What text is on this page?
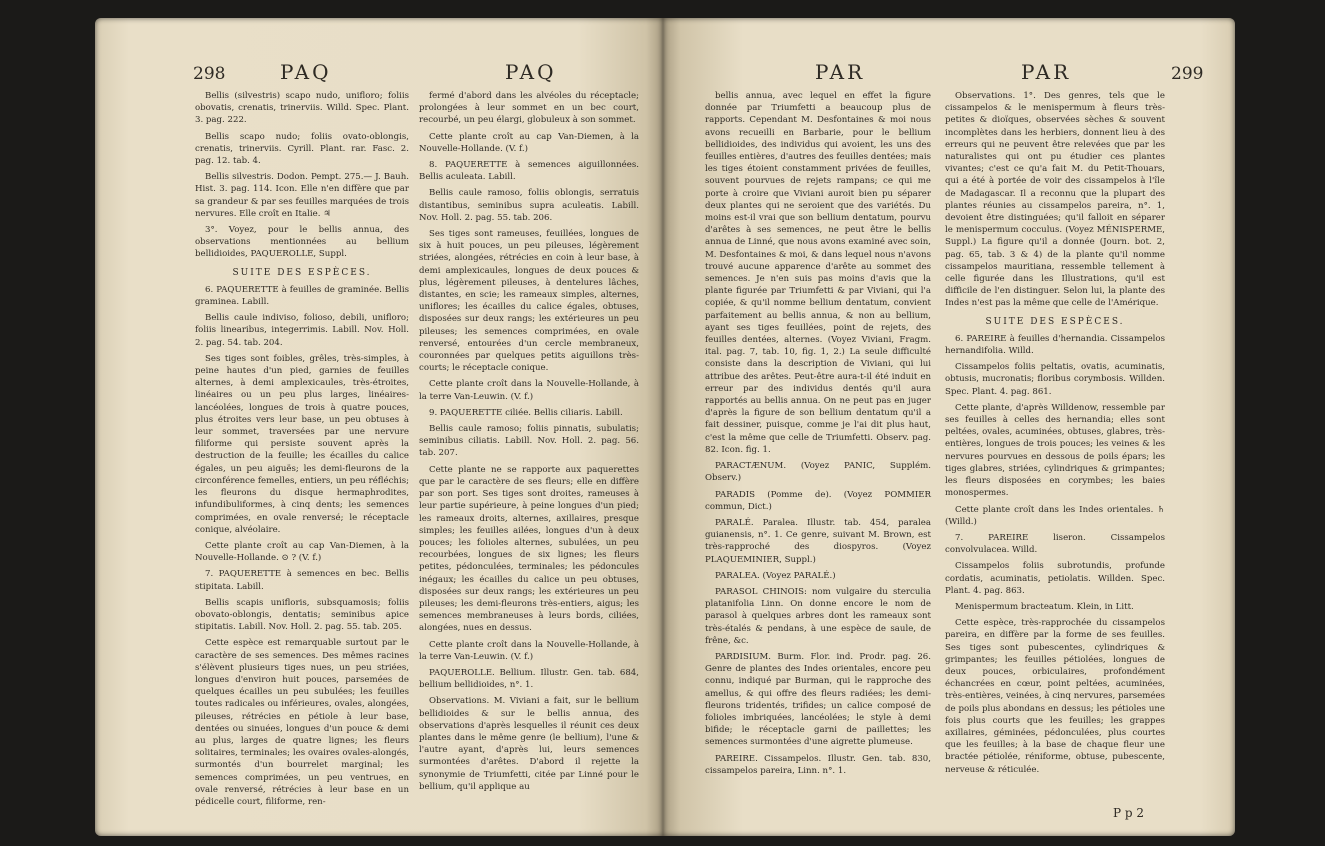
298	PAQ	PAQ

Bellis (silvestris) scapo nudo, unifloro; foliis obovatis, crenatis, trinerviis. Willd. Spec. Plant. 3. pag. 222.

Bellis scapo nudo; foliis ovato-oblongis, crenatis, trinerviis. Cyrill. Plant. rar. Fasc. 2. pag. 12. tab. 4.

Bellis silvestris. Dodon. Pempt. 275.— J. Bauh. Hist. 3. pag. 114. Icon. Elle n'en diffère que par sa grandeur & par ses feuilles marquées de trois nervures. Elle croît en Italie. ♃

3°. Voyez, pour le bellis annua, des observations mentionnées au bellium bellidioides, PAQUEROLLE, Suppl.

SUITE DES ESPÈCES.

6. PAQUERETTE à feuilles de graminée. Bellis graminea. Labill.

Bellis caule indiviso, folioso, debili, unifloro; foliis linearibus, integerrimis. Labill. Nov. Holl. 2. pag. 54. tab. 204.

Ses tiges sont foibles, grêles, très-simples, à peine hautes d'un pied, garnies de feuilles alternes, à demi amplexicaules, très-étroites, linéaires ou un peu plus larges, linéaires-lancéolées, longues de trois à quatre pouces, plus étroites vers leur base, un peu obtuses à leur sommet, traversées par une nervure filiforme qui persiste souvent après la destruction de la feuille; les écailles du calice égales, un peu aiguës; les demi-fleurons de la circonférence femelles, entiers, un peu réfléchis; les fleurons du disque hermaphrodites, infundibuliformes, à cinq dents; les semences comprimées, en ovale renversé; le réceptacle conique, alvéolaire.

Cette plante croît au cap Van-Diemen, à la Nouvelle-Hollande. ⊙ ? (V. f.)

7. PAQUERETTE à semences en bec. Bellis stipitata. Labill.

Bellis scapis unifloris, subsquamosis; foliis obovato-oblongis, dentatis; seminibus apice stipitatis. Labill. Nov. Holl. 2. pag. 55. tab. 205.

Cette espèce est remarquable surtout par le caractère de ses semences. Des mêmes racines s'élèvent plusieurs tiges nues, un peu striées, longues d'environ huit pouces, parsemées de quelques écailles un peu subulées; les feuilles toutes radicales ou inférieures, ovales, alongées, pileuses, rétrécies en pétiole à leur base, dentées ou sinuées, longues d'un pouce & demi au plus, larges de quatre lignes; les fleurs solitaires, terminales; les ovaires ovales-alongés, surmontés d'un bourrelet marginal; les semences comprimées, un peu ventrues, en ovale renversé, rétrécies à leur base en un pédicelle court, filiforme, ren-

fermé d'abord dans les alvéoles du réceptacle; prolongées à leur sommet en un bec court, recourbé, un peu élargi, globuleux à son sommet.

Cette plante croît au cap Van-Diemen, à la Nouvelle-Hollande. (V. f.)

8. PAQUERETTE à semences aiguillonnées. Bellis aculeata. Labill.

Bellis caule ramoso, foliis oblongis, serratuis distantibus, seminibus supra aculeatis. Labill. Nov. Holl. 2. pag. 55. tab. 206.

Ses tiges sont rameuses, feuillées, longues de six à huit pouces, un peu pileuses, légèrement striées, alongées, rétrécies en coin à leur base, à demi amplexicaules, longues de deux pouces & plus, légèrement pileuses, à dentelures lâches, distantes, en scie; les rameaux simples, alternes, uniflores; les écailles du calice égales, obtuses, disposées sur deux rangs; les extérieures un peu pileuses; les semences comprimées, en ovale renversé, entourées d'un cercle membraneux, couronnées par quelques petits aiguillons très-courts; le réceptacle conique.

Cette plante croît dans la Nouvelle-Hollande, à la terre Van-Leuwin. (V. f.)

9. PAQUERETTE ciliée. Bellis ciliaris. Labill.

Bellis caule ramoso; foliis pinnatis, subulatis; seminibus ciliatis. Labill. Nov. Holl. 2. pag. 56. tab. 207.

Cette plante ne se rapporte aux paquerettes que par le caractère de ses fleurs; elle en diffère par son port. Ses tiges sont droites, rameuses à leur partie supérieure, à peine longues d'un pied; les rameaux droits, alternes, axillaires, presque simples; les feuilles ailées, longues d'un à deux pouces; les folioles alternes, subulées, un peu recourbées, longues de six lignes; les fleurs petites, pédonculées, terminales; les pédoncules inégaux; les écailles du calice un peu obtuses, disposées sur deux rangs; les extérieures un peu pileuses; les demi-fleurons très-entiers, aigus; les semences membraneuses à leurs bords, ciliées, alongées, nues en dessus.

Cette plante croît dans la Nouvelle-Hollande, à la terre Van-Leuwin. (V. f.)

PAQUEROLLE. Bellium. Illustr. Gen. tab. 684, bellium bellidioides, n°. 1.

Observations. M. Viviani a fait, sur le bellium bellidioides & sur le bellis annua, des observations d'après lesquelles il réunit ces deux plantes dans le même genre (le bellium), l'une & l'autre ayant, d'après lui, leurs semences surmontées d'arêtes. D'abord il rejette la synonymie de Triumfetti, citée par Linné pour le bellium, qu'il applique au

PAR	PAR	299

bellis annua, avec lequel en effet la figure donnée par Triumfetti a beaucoup plus de rapports. Cependant M. Desfontaines & moi nous avons recueilli en Barbarie, pour le bellium bellidioides, des individus qui avoient, les uns des feuilles entières, d'autres des feuilles dentées; mais les tiges étoient constamment privées de feuilles, souvent pourvues de rejets rampans; ce qui me porte à croire que Viviani auroit bien pu séparer deux plantes qui ne seroient que des variétés. Du moins est-il vrai que son bellium dentatum, pourvu d'arêtes à ses semences, ne peut être le bellis annua de Linné, que nous avons examiné avec soin, M. Desfontaines & moi, & dans lequel nous n'avons trouvé aucune apparence d'arête au sommet des semences. Je n'en suis pas moins d'avis que la plante figurée par Triumfetti & par Viviani, qui l'a copiée, & qu'il nomme bellium dentatum, convient parfaitement au bellis annua, & non au bellium, ayant ses tiges feuillées, point de rejets, des feuilles dentées, alternes. (Voyez Viviani, Fragm. ital. pag. 7, tab. 10, fig. 1, 2.) La seule difficulté consiste dans la description de Viviani, qui lui attribue des arêtes. Peut-être aura-t-il été induit en erreur par des individus dentés qu'il aura rapportés au bellis annua. On ne peut pas en juger d'après la figure de son bellium dentatum qu'il a fait dessiner, puisque, comme je l'ai dit plus haut, c'est la même que celle de Triumfetti. Observ. pag. 82. Icon. fig. 1.

PARACTÆNUM. (Voyez PANIC, Supplém. Observ.)

PARADIS (Pomme de). (Voyez POMMIER commun, Dict.)

PARALÉ. Paralea. Illustr. tab. 454, paralea guianensis, n°. 1. Ce genre, suivant M. Brown, est très-rapproché des diospyros. (Voyez PLAQUEMINIER, Suppl.)

PARALEA. (Voyez PARALÉ.)

PARASOL CHINOIS: nom vulgaire du sterculia platanifolia Linn. On donne encore le nom de parasol à quelques arbres dont les rameaux sont très-étalés & pendans, à une espèce de saule, de frêne, &c.

PARDISIUM. Burm. Flor. ind. Prodr. pag. 26. Genre de plantes des Indes orientales, encore peu connu, indiqué par Burman, qui le rapproche des amellus, & qui offre des fleurs radiées; les demi-fleurons tridentés, trifides; un calice composé de folioles imbriquées, lancéolées; le style à demi bifide; le réceptacle garni de paillettes; les semences surmontées d'une aigrette plumeuse.

PAREIRE. Cissampelos. Illustr. Gen. tab. 830, cissampelos pareira, Linn. n°. 1.

Observations. 1°. Des genres, tels que le cissampelos & le menispermum à fleurs très-petites & dioïques, observées sèches & souvent incomplètes dans les herbiers, donnent lieu à des erreurs qui ne peuvent être relevées que par les naturalistes qui ont pu étudier ces plantes vivantes; c'est ce qu'a fait M. du Petit-Thouars, qui a été à portée de voir des cissampelos à l'île de Madagascar. Il a reconnu que la plupart des plantes réunies au cissampelos pareira, n°. 1, devoient être distinguées; qu'il falloit en séparer le menispermum cocculus. (Voyez MÉNISPERME, Suppl.) La figure qu'il a donnée (Journ. bot. 2, pag. 65, tab. 3 & 4) de la plante qu'il nomme cissampelos mauritiana, ressemble tellement à celle figurée dans les Illustrations, qu'il est difficile de l'en distinguer. Selon lui, la plante des Indes n'est pas la même que celle de l'Amérique.

SUITE DES ESPÈCES.

6. PAREIRE à feuilles d'hernandia. Cissampelos hernandifolia. Willd.

Cissampelos foliis peltatis, ovatis, acuminatis, obtusis, mucronatis; floribus corymbosis. Willden. Spec. Plant. 4. pag. 861.

Cette plante, d'après Willdenow, ressemble par ses feuilles à celles des hernandia; elles sont peltées, ovales, acuminées, obtuses, glabres, très-entières, longues de trois pouces; les veines & les nervures pourvues en dessous de poils épars; les tiges glabres, striées, cylindriques & grimpantes; les fleurs disposées en corymbes; les baies monospermes.

Cette plante croît dans les Indes orientales. ♄ (Willd.)

7. PAREIRE liseron. Cissampelos convolvulacea. Willd.

Cissampelos foliis subrotundis, profunde cordatis, acuminatis, petiolatis. Willden. Spec. Plant. 4. pag. 863.

Menispermum bracteatum. Klein, in Litt.

Cette espèce, très-rapprochée du cissampelos pareira, en diffère par la forme de ses feuilles. Ses tiges sont pubescentes, cylindriques & grimpantes; les feuilles pétiolées, longues de deux pouces, orbiculaires, profondément échancrées en cœur, point peltées, acuminées, très-entières, veinées, à cinq nervures, parsemées de poils plus abondans en dessus; les pétioles une fois plus courts que les feuilles; les grappes axillaires, géminées, pédonculées, plus courtes que les feuilles; à la base de chaque fleur une bractée pétiolée, réniforme, obtuse, pubescente, nerveuse & réticulée.

P p 2
